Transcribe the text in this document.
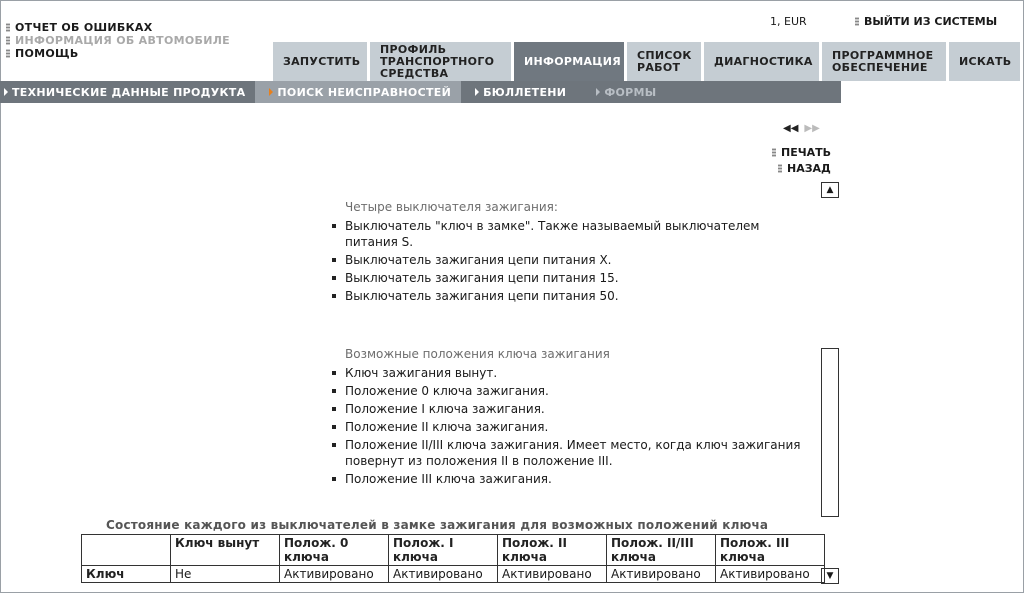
ОТЧЕТ ОБ ОШИБКАХ
ИНФОРМАЦИЯ ОБ АВТОМОБИЛЕ
ПОМОЩЬ
1, EUR	ВЫЙТИ ИЗ СИСТЕМЫ
ЗАПУСТИТЬ
ПРОФИЛЬ ТРАНСПОРТНОГО СРЕДСТВА
ИНФОРМАЦИЯ	СПИСОК РАБОТ	ДИАГНОСТИКА	ПРОГРАММНОЕ ОБЕСПЕЧЕНИЕ	ИСКАТЬ
ТЕХНИЧЕСКИЕ ДАННЫЕ ПРОДУКТА	ПОИСК НЕИСПРАВНОСТЕЙ	БЮЛЛЕТЕНИ	ФОРМЫ
◀◀ ▶▶
ПЕЧАТЬ
НАЗАД
▲
▼
Четыре выключателя зажигания:
Выключатель "ключ в замке". Также называемый выключателем питания S.
Выключатель зажигания цепи питания X.
Выключатель зажигания цепи питания 15.
Выключатель зажигания цепи питания 50.
Возможные положения ключа зажигания
Ключ зажигания вынут.
Положение 0 ключа зажигания.
Положение I ключа зажигания.
Положение II ключа зажигания.
Положение II/III ключа зажигания. Имеет место, когда ключ зажигания повернут из положения II в положение III.
Положение III ключа зажигания.
Состояние каждого из выключателей в замке зажигания для возможных положений ключа
	Ключ вынут	Полож. 0 ключа	Полож. I ключа	Полож. II ключа	Полож. II/III ключа	Полож. III ключа
Ключ	Не	Активировано	Активировано	Активировано	Активировано	Активировано
